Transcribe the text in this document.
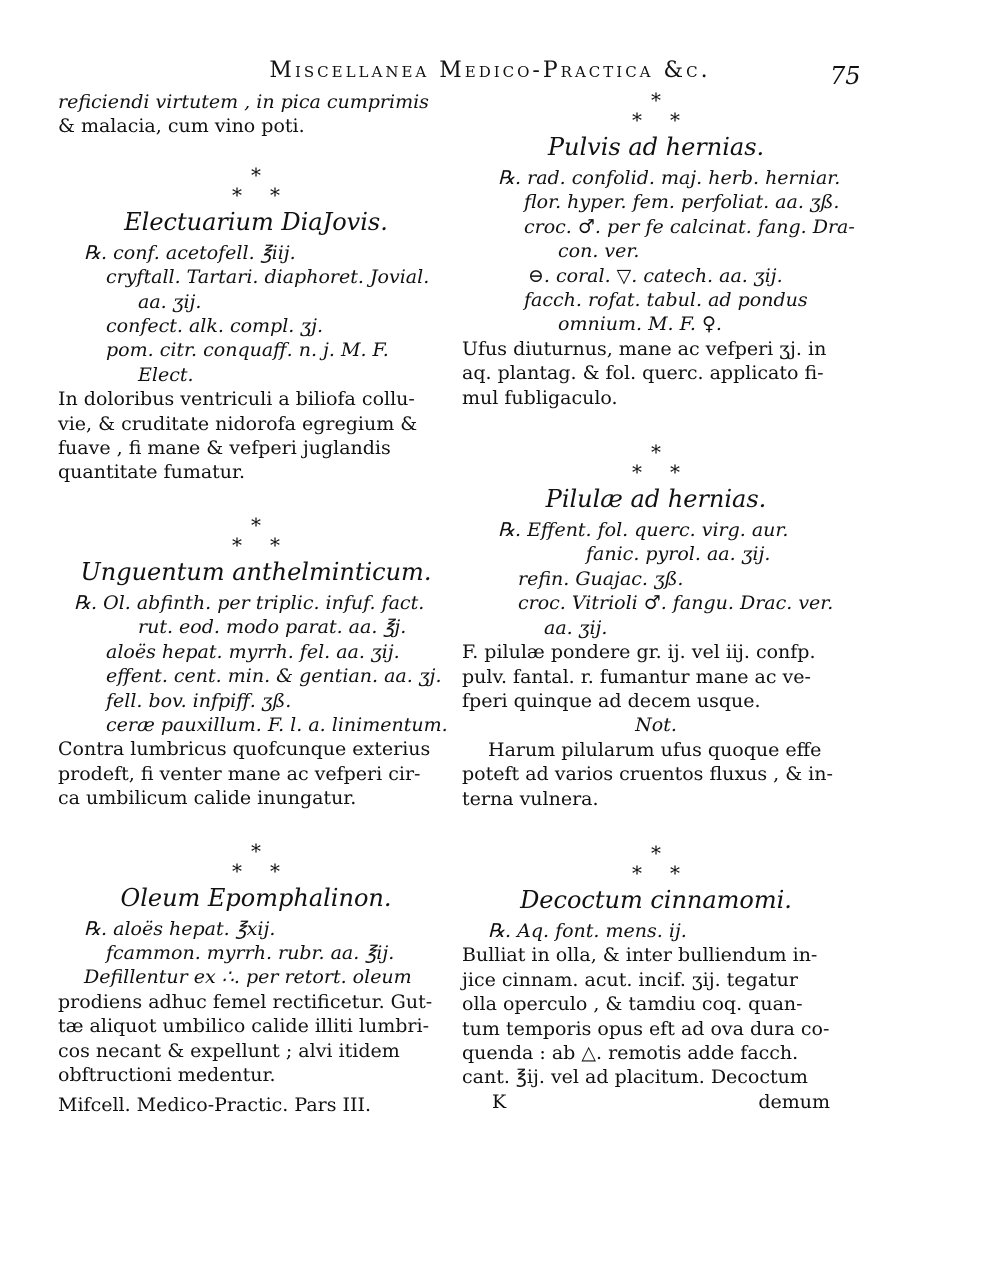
Miscellanea Medico-Practica &c.	75

reficiendi virtutem , in pica cumprimis

& malacia, cum vino poti.

*
**
Electuarium DiaJovis.

℞. conf. acetofell. ℥iij.

cryftall. Tartari. diaphoret. Jovial.

aa. ʒij.

confect. alk. compl. ʒj.

pom. citr. conquaff. n. j. M. F.

Elect.

In doloribus ventriculi a biliofa collu-

vie, & cruditate nidorofa egregium &

fuave , fi mane & vefperi juglandis

quantitate fumatur.

*
**
Unguentum anthelminticum.

℞. Ol. abfinth. per triplic. infuf. fact.

rut. eod. modo parat. aa. ℥j.

aloës hepat. myrrh. fel. aa. ʒij.

effent. cent. min. & gentian. aa. ʒj.

fell. bov. infpiff. ʒß.

ceræ pauxillum. F. l. a. linimentum.

Contra lumbricus quofcunque exterius

prodeft, fi venter mane ac vefperi cir-

ca umbilicum calide inungatur.

*
**
Oleum Epomphalinon.

℞. aloës hepat. ℥xij.

fcammon. myrrh. rubr. aa. ℥ij.

Defillentur ex ∴. per retort. oleum

prodiens adhuc femel rectificetur. Gut-

tæ aliquot umbilico calide illiti lumbri-

cos necant & expellunt ; alvi itidem

obftructioni medentur.

Mifcell. Medico-Practic. Pars III.
*
**
Pulvis ad hernias.

℞. rad. confolid. maj. herb. herniar.

flor. hyper. fem. perfoliat. aa. ʒß.

croc. ♂. per fe calcinat. fang. Dra-

con. ver.

⊖. coral. ▽. catech. aa. ʒij.

facch. rofat. tabul. ad pondus

omnium. M. F. ♀.

Ufus diuturnus, mane ac vefperi ʒj. in

aq. plantag. & fol. querc. applicato fi-

mul fubligaculo.

*
**
Pilulæ ad hernias.

℞. Effent. fol. querc. virg. aur.

fanic. pyrol. aa. ʒij.

refin. Guajac. ʒß.

croc. Vitrioli ♂. fangu. Drac. ver.

aa. ʒij.

F. pilulæ pondere gr. ij. vel iij. confp.

pulv. fantal. r. fumantur mane ac ve-

fperi quinque ad decem usque.

Not.

Harum pilularum ufus quoque effe

poteft ad varios cruentos fluxus , & in-

terna vulnera.

*
**
Decoctum cinnamomi.

℞. Aq. font. mens. ij.

Bulliat in olla, & inter bulliendum in-

jice cinnam. acut. incif. ʒij. tegatur

olla operculo , & tamdiu coq. quan-

tum temporis opus eft ad ova dura co-

quenda : ab △. remotis adde facch.

cant. ℥ij. vel ad placitum. Decoctum

K	demum
